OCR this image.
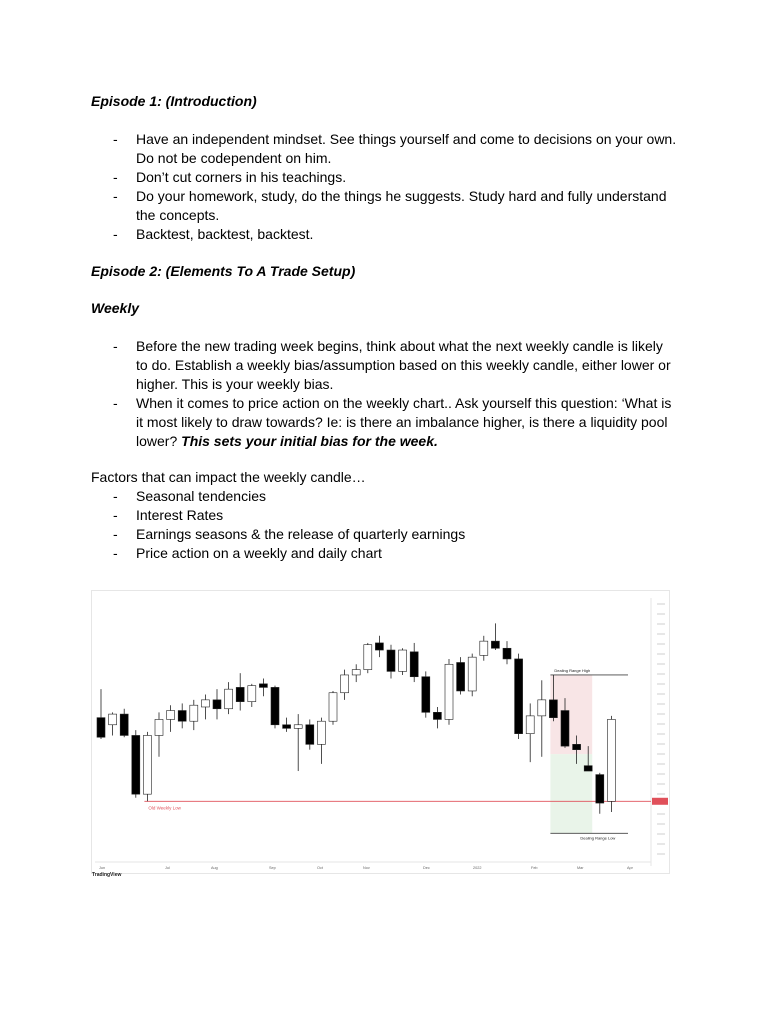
Episode 1: (Introduction)

- Have an independent mindset. See things yourself and come to decisions on your own. Do not be codependent on him.
- Don’t cut corners in his teachings.
- Do your homework, study, do the things he suggests. Study hard and fully understand the concepts.
- Backtest, backtest, backtest.

Episode 2: (Elements To A Trade Setup)

Weekly

- Before the new trading week begins, think about what the next weekly candle is likely to do. Establish a weekly bias/assumption based on this weekly candle, either lower or higher. This is your weekly bias.
- When it comes to price action on the weekly chart.. Ask yourself this question: ‘What is it most likely to draw towards? Ie: is there an imbalance higher, is there a liquidity pool lower? This sets your initial bias for the week.

Factors that can impact the weekly candle…

- Seasonal tendencies
- Interest Rates
- Earnings seasons & the release of quarterly earnings
- Price action on a weekly and daily chart
Dealing Range High
Dealing Range Low
Old Weekly Low
Jun	Jul	Aug	Sep	Oct	Nov	Dec	2022	Feb	Mar	Apr
TradingView
